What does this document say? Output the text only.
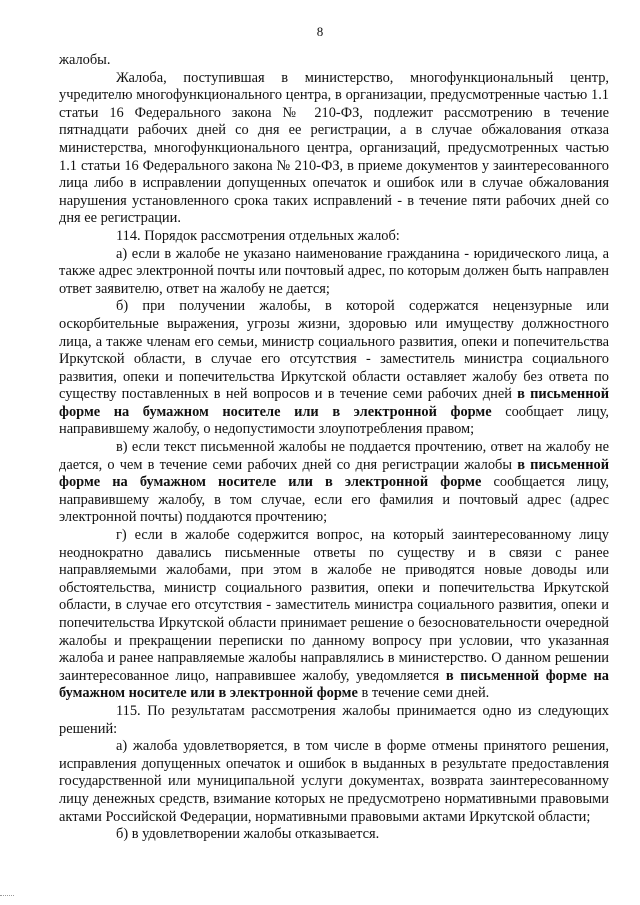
8

жалобы.

Жалоба, поступившая в министерство, многофункциональный центр, учредителю многофункционального центра, в организации, предусмотренные частью 1.1 статьи 16 Федерального закона № 210-ФЗ, подлежит рассмотрению в течение пятнадцати рабочих дней со дня ее регистрации, а в случае обжалования отказа министерства, многофункционального центра, организаций, предусмотренных частью 1.1 статьи 16 Федерального закона № 210-ФЗ, в приеме документов у заинтересованного лица либо в исправлении допущенных опечаток и ошибок или в случае обжалования нарушения установленного срока таких исправлений - в течение пяти рабочих дней со дня ее регистрации.

114. Порядок рассмотрения отдельных жалоб:

а) если в жалобе не указано наименование гражданина - юридического лица, а также адрес электронной почты или почтовый адрес, по которым должен быть направлен ответ заявителю, ответ на жалобу не дается;

б) при получении жалобы, в которой содержатся нецензурные или оскорбительные выражения, угрозы жизни, здоровью или имуществу должностного лица, а также членам его семьи, министр социального развития, опеки и попечительства Иркутской области, в случае его отсутствия - заместитель министра социального развития, опеки и попечительства Иркутской области оставляет жалобу без ответа по существу поставленных в ней вопросов и в течение семи рабочих дней в письменной форме на бумажном носителе или в электронной форме сообщает лицу, направившему жалобу, о недопустимости злоупотребления правом;

в) если текст письменной жалобы не поддается прочтению, ответ на жалобу не дается, о чем в течение семи рабочих дней со дня регистрации жалобы в письменной форме на бумажном носителе или в электронной форме сообщается лицу, направившему жалобу, в том случае, если его фамилия и почтовый адрес (адрес электронной почты) поддаются прочтению;

г) если в жалобе содержится вопрос, на который заинтересованному лицу неоднократно давались письменные ответы по существу и в связи с ранее направляемыми жалобами, при этом в жалобе не приводятся новые доводы или обстоятельства, министр социального развития, опеки и попечительства Иркутской области, в случае его отсутствия - заместитель министра социального развития, опеки и попечительства Иркутской области принимает решение о безосновательности очередной жалобы и прекращении переписки по данному вопросу при условии, что указанная жалоба и ранее направляемые жалобы направлялись в министерство. О данном решении заинтересованное лицо, направившее жалобу, уведомляется в письменной форме на бумажном носителе или в электронной форме в течение семи дней.

115. По результатам рассмотрения жалобы принимается одно из следующих решений:

а) жалоба удовлетворяется, в том числе в форме отмены принятого решения, исправления допущенных опечаток и ошибок в выданных в результате предоставления государственной или муниципальной услуги документах, возврата заинтересованному лицу денежных средств, взимание которых не предусмотрено нормативными правовыми актами Российской Федерации, нормативными правовыми актами Иркутской области;

б) в удовлетворении жалобы отказывается.
